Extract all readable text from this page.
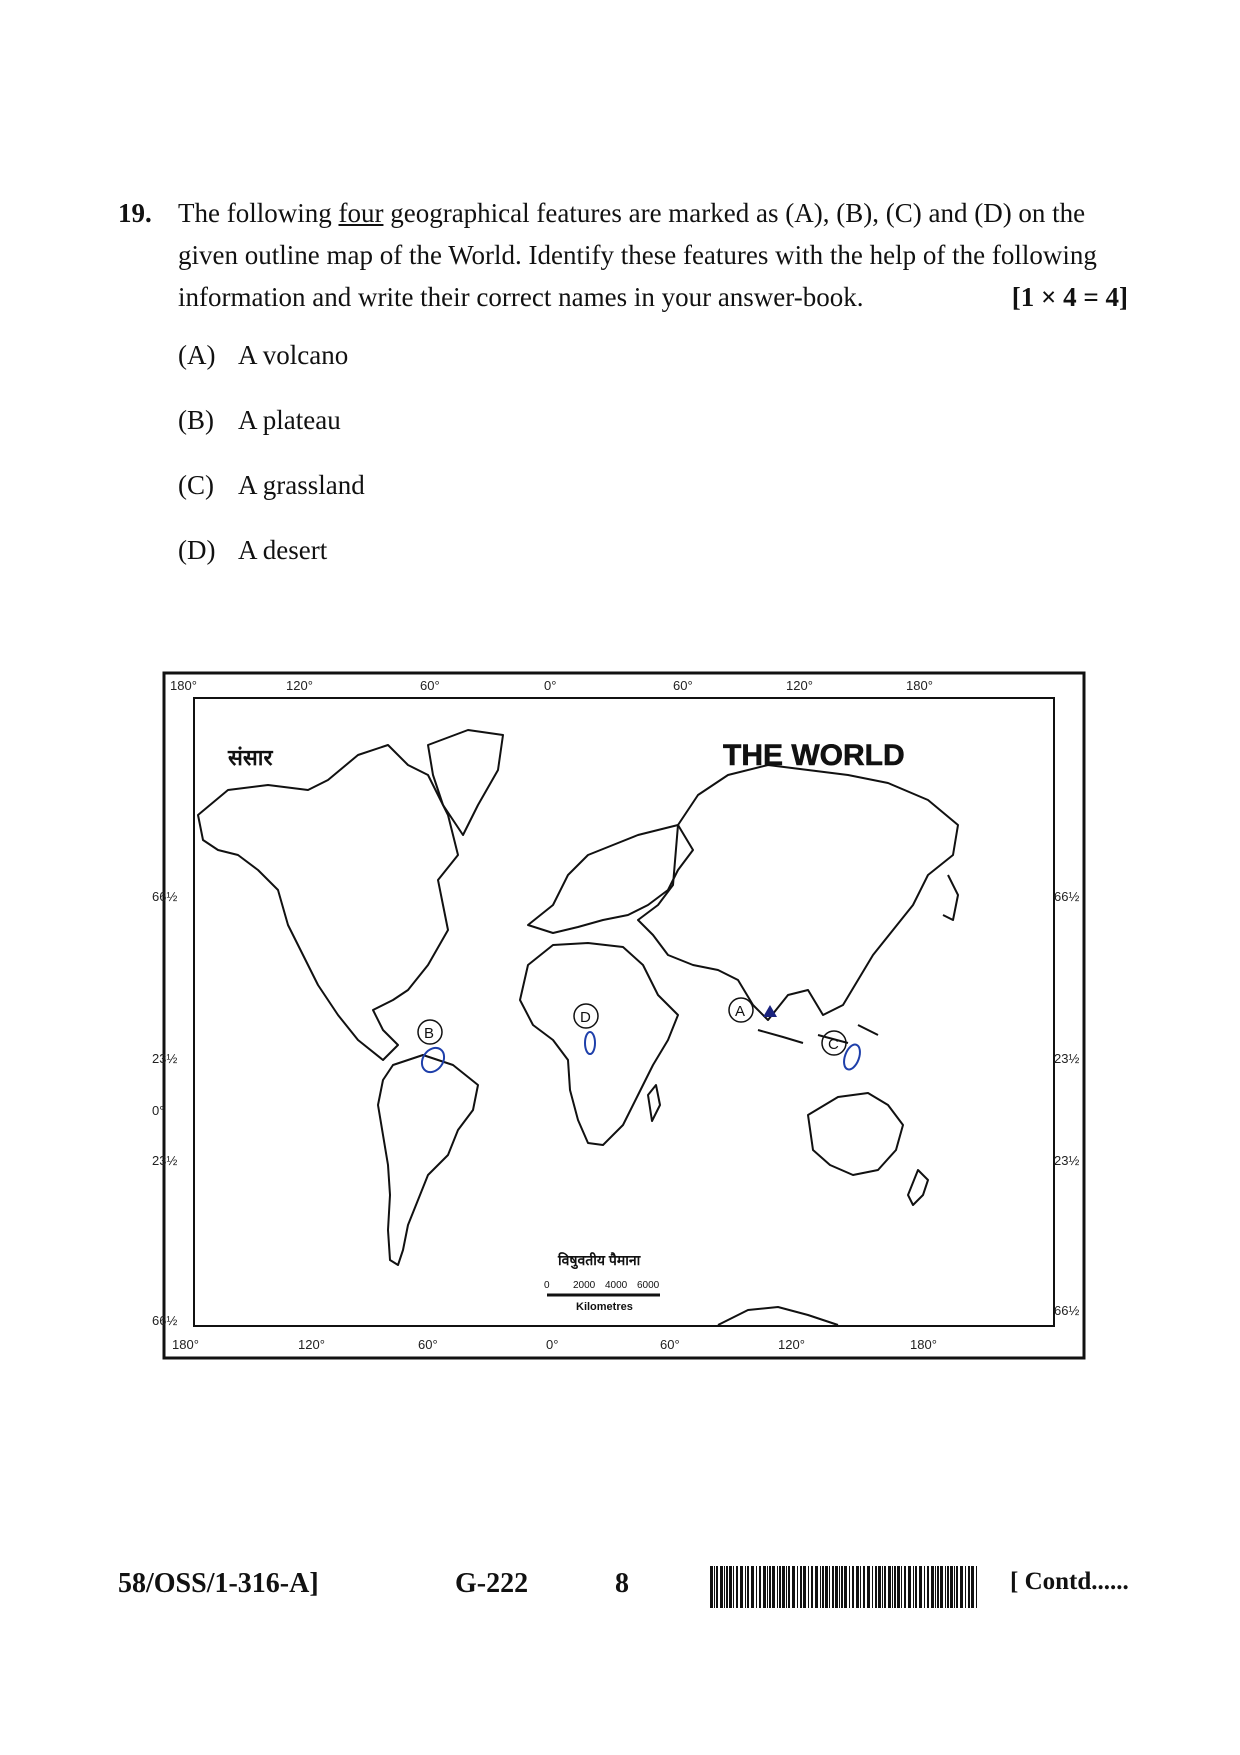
19. The following four geographical features are marked as (A), (B), (C) and (D) on the given outline map of the World. Identify these features with the help of the following information and write their correct names in your answer-book.	[1 × 4 = 4]
(A) A volcano
(B) A plateau
(C) A grassland
(D) A desert
180°	120°	60°	0°	60°	120°	180°
180°	120°	60°	0°	60°	120°	180°
66½
23½
0°
23½
66½
66½
23½
23½
66½
संसार	THE WORLD
A
B
C
D
विषुवतीय पैमाना
0 2000 4000 6000
Kilometres
58/OSS/1-316-A]	G-222	8	[ Contd......
